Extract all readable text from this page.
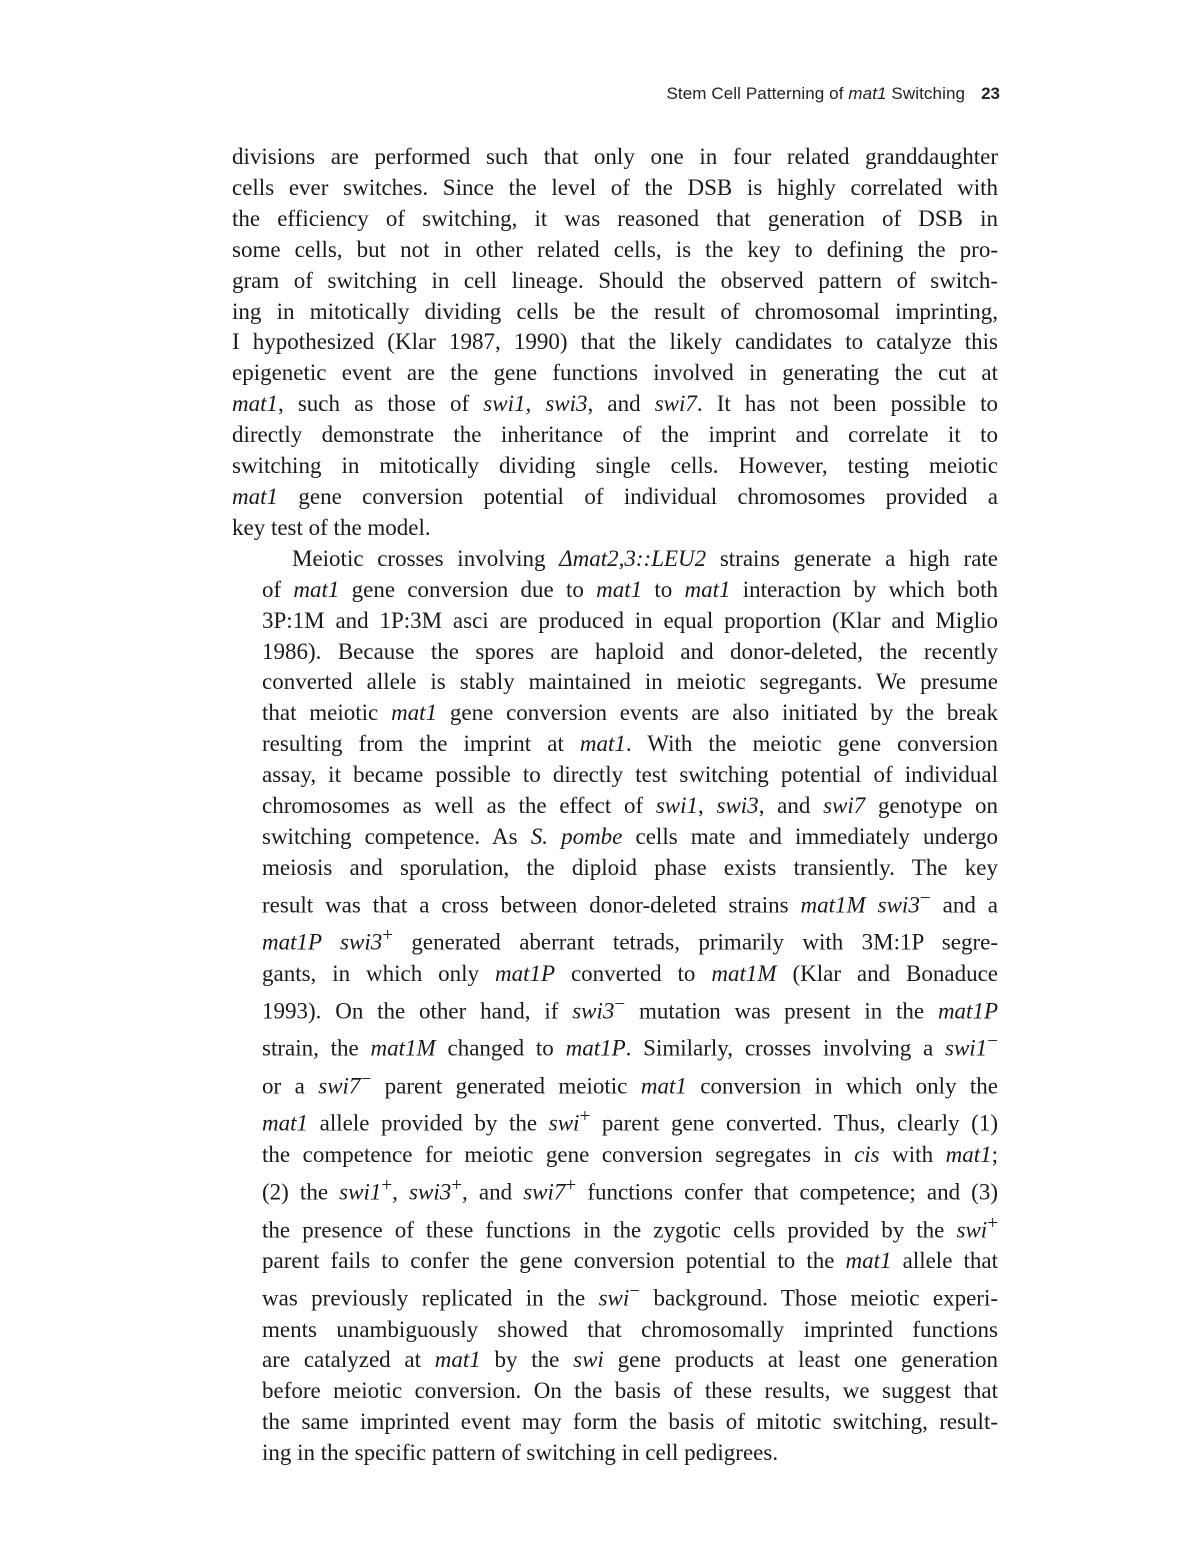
Stem Cell Patterning of mat1 Switching 23

divisions are performed such that only one in four related granddaughter
cells ever switches. Since the level of the DSB is highly correlated with
the efficiency of switching, it was reasoned that generation of DSB in
some cells, but not in other related cells, is the key to defining the pro-
gram of switching in cell lineage. Should the observed pattern of switch-
ing in mitotically dividing cells be the result of chromosomal imprinting,
I hypothesized (Klar 1987, 1990) that the likely candidates to catalyze this
epigenetic event are the gene functions involved in generating the cut at
mat1, such as those of swi1, swi3, and swi7. It has not been possible to
directly demonstrate the inheritance of the imprint and correlate it to
switching in mitotically dividing single cells. However, testing meiotic
mat1 gene conversion potential of individual chromosomes provided a
key test of the model.

Meiotic crosses involving Δmat2,3::LEU2 strains generate a high rate
of mat1 gene conversion due to mat1 to mat1 interaction by which both
3P:1M and 1P:3M asci are produced in equal proportion (Klar and Miglio
1986). Because the spores are haploid and donor-deleted, the recently
converted allele is stably maintained in meiotic segregants. We presume
that meiotic mat1 gene conversion events are also initiated by the break
resulting from the imprint at mat1. With the meiotic gene conversion
assay, it became possible to directly test switching potential of individual
chromosomes as well as the effect of swi1, swi3, and swi7 genotype on
switching competence. As S. pombe cells mate and immediately undergo
meiosis and sporulation, the diploid phase exists transiently. The key
result was that a cross between donor-deleted strains mat1M swi3− and a
mat1P swi3+ generated aberrant tetrads, primarily with 3M:1P segre-
gants, in which only mat1P converted to mat1M (Klar and Bonaduce
1993). On the other hand, if swi3− mutation was present in the mat1P
strain, the mat1M changed to mat1P. Similarly, crosses involving a swi1−
or a swi7− parent generated meiotic mat1 conversion in which only the
mat1 allele provided by the swi+ parent gene converted. Thus, clearly (1)
the competence for meiotic gene conversion segregates in cis with mat1;
(2) the swi1+, swi3+, and swi7+ functions confer that competence; and (3)
the presence of these functions in the zygotic cells provided by the swi+
parent fails to confer the gene conversion potential to the mat1 allele that
was previously replicated in the swi− background. Those meiotic experi-
ments unambiguously showed that chromosomally imprinted functions
are catalyzed at mat1 by the swi gene products at least one generation
before meiotic conversion. On the basis of these results, we suggest that
the same imprinted event may form the basis of mitotic switching, result-
ing in the specific pattern of switching in cell pedigrees.
